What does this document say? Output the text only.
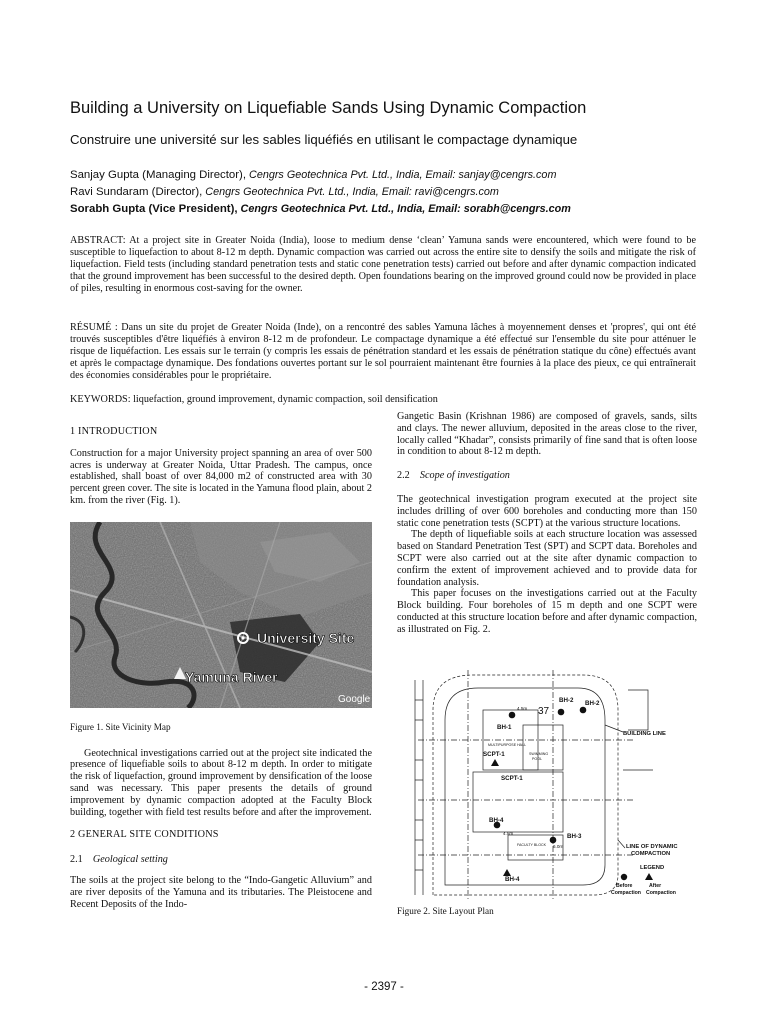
Building a University on Liquefiable Sands Using Dynamic Compaction
Construire une université sur les sables liquéfiés en utilisant le compactage dynamique
Sanjay Gupta (Managing Director), Cengrs Geotechnica Pvt. Ltd., India, Email: sanjay@cengrs.com
Ravi Sundaram (Director), Cengrs Geotechnica Pvt. Ltd., India, Email: ravi@cengrs.com
Sorabh Gupta (Vice President), Cengrs Geotechnica Pvt. Ltd., India, Email: sorabh@cengrs.com
ABSTRACT: At a project site in Greater Noida (India), loose to medium dense ‘clean’ Yamuna sands were encountered, which were found to be susceptible to liquefaction to about 8-12 m depth. Dynamic compaction was carried out across the entire site to densify the soils and mitigate the risk of liquefaction. Field tests (including standard penetration tests and static cone penetration tests) carried out before and after dynamic compaction indicated that the ground improvement has been successful to the desired depth. Open foundations bearing on the improved ground could now be provided in place of piles, resulting in enormous cost-saving for the owner.
RÉSUMÉ : Dans un site du projet de Greater Noida (Inde), on a rencontré des sables Yamuna lâches à moyennement denses et 'propres', qui ont été trouvés susceptibles d'être liquéfiés à environ 8-12 m de profondeur. Le compactage dynamique a été effectué sur l'ensemble du site pour atténuer le risque de liquéfaction. Les essais sur le terrain (y compris les essais de pénétration standard et les essais de pénétration statique du cône) effectués avant et après le compactage dynamique. Des fondations ouvertes portant sur le sol pourraient maintenant être fournies à la place des pieux, ce qui entraînerait des économies considérables pour le propriétaire.
KEYWORDS: liquefaction, ground improvement, dynamic compaction, soil densification
1 INTRODUCTION

Construction for a major University project spanning an area of over 500 acres is underway at Greater Noida, Uttar Pradesh. The campus, once established, shall boast of over 84,000 m2 of constructed area with 30 percent green cover. The site is located in the Yamuna flood plain, about 2 km. from the river (Fig. 1).

Figure 1. Site Vicinity Map

Geotechnical investigations carried out at the project site indicated the presence of liquefiable soils to about 8-12 m depth. In order to mitigate the risk of liquefaction, ground improvement by densification of the loose sand was necessary. This paper presents the details of ground improvement by dynamic compaction adopted at the Faculty Block building, together with field test results before and after the improvement.

2 GENERAL SITE CONDITIONS
2.1 Geological setting

The soils at the project site belong to the “Indo-Gangetic Alluvium” and are river deposits of the Yamuna and its tributaries. The Pleistocene and Recent Deposits of the Indo-

Gangetic Basin (Krishnan 1986) are composed of gravels, sands, silts and clays. The newer alluvium, deposited in the areas close to the river, locally called “Khadar”, consists primarily of fine sand that is often loose in condition to about 8-12 m depth.

2.2 Scope of investigation

The geotechnical investigation program executed at the project site includes drilling of over 600 boreholes and conducting more than 150 static cone penetration tests (SCPT) at the various structure locations.

The depth of liquefiable soils at each structure location was assessed based on Standard Penetration Test (SPT) and SCPT data. Boreholes and SCPT were also carried out at the site after dynamic compaction to confirm the extent of improvement achieved and to provide data for foundation analysis.

This paper focuses on the investigations carried out at the Faculty Block building. Four boreholes of 15 m depth and one SCPT were conducted at this structure location before and after dynamic compaction, as illustrated on Fig. 2.

University Site
Yamuna River
Google
BUILDING LINE
LINE OF DYNAMIC
COMPACTION
LEGEND
Before	After
Compaction Compaction
BH-1
BH-2 BH-2
BH-3
BH-4
BH-4
SCPT-1
SCPT-1
37
MULTIPURPOSE HALL
FACULTY BLOCK
SWIMMING
POOL
4.5m
4.5m
6.0m
Figure 2. Site Layout Plan
- 2397 -
